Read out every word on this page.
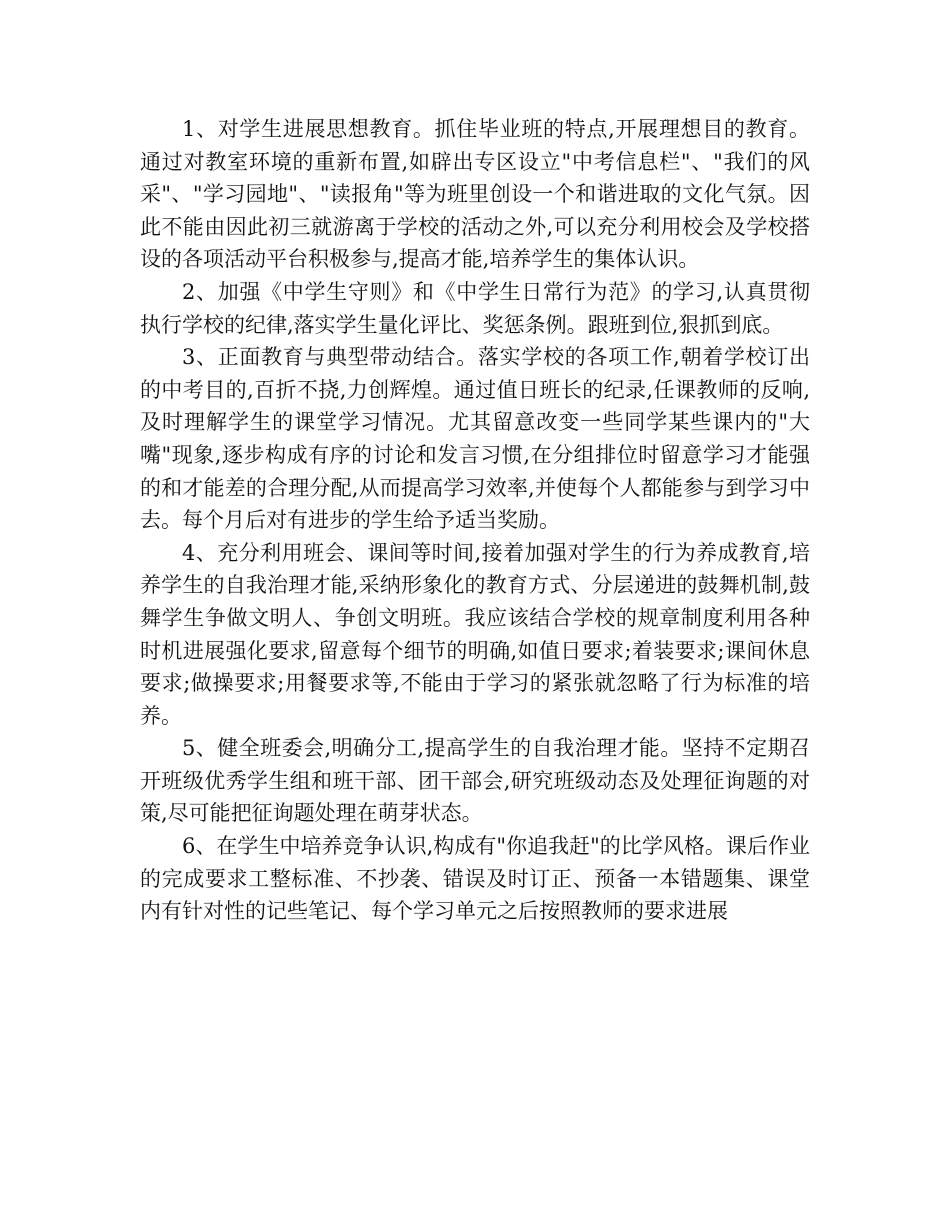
1、对学生进展思想教育。抓住毕业班的特点,开展理想目的教育。通过对教室环境的重新布置,如辟出专区设立"中考信息栏"、"我们的风采"、"学习园地"、"读报角"等为班里创设一个和谐进取的文化气氛。因此不能由因此初三就游离于学校的活动之外,可以充分利用校会及学校搭设的各项活动平台积极参与,提高才能,培养学生的集体认识。

2、加强《中学生守则》和《中学生日常行为范》的学习,认真贯彻执行学校的纪律,落实学生量化评比、奖惩条例。跟班到位,狠抓到底。

3、正面教育与典型带动结合。落实学校的各项工作,朝着学校订出的中考目的,百折不挠,力创辉煌。通过值日班长的纪录,任课教师的反响,及时理解学生的课堂学习情况。尤其留意改变一些同学某些课内的"大嘴"现象,逐步构成有序的讨论和发言习惯,在分组排位时留意学习才能强的和才能差的合理分配,从而提高学习效率,并使每个人都能参与到学习中去。每个月后对有进步的学生给予适当奖励。

4、充分利用班会、课间等时间,接着加强对学生的行为养成教育,培养学生的自我治理才能,采纳形象化的教育方式、分层递进的鼓舞机制,鼓舞学生争做文明人、争创文明班。我应该结合学校的规章制度利用各种时机进展强化要求,留意每个细节的明确,如值日要求;着装要求;课间休息要求;做操要求;用餐要求等,不能由于学习的紧张就忽略了行为标准的培养。

5、健全班委会,明确分工,提高学生的自我治理才能。坚持不定期召开班级优秀学生组和班干部、团干部会,研究班级动态及处理征询题的对策,尽可能把征询题处理在萌芽状态。

6、在学生中培养竞争认识,构成有"你追我赶"的比学风格。课后作业的完成要求工整标准、不抄袭、错误及时订正、预备一本错题集、课堂内有针对性的记些笔记、每个学习单元之后按照教师的要求进展
